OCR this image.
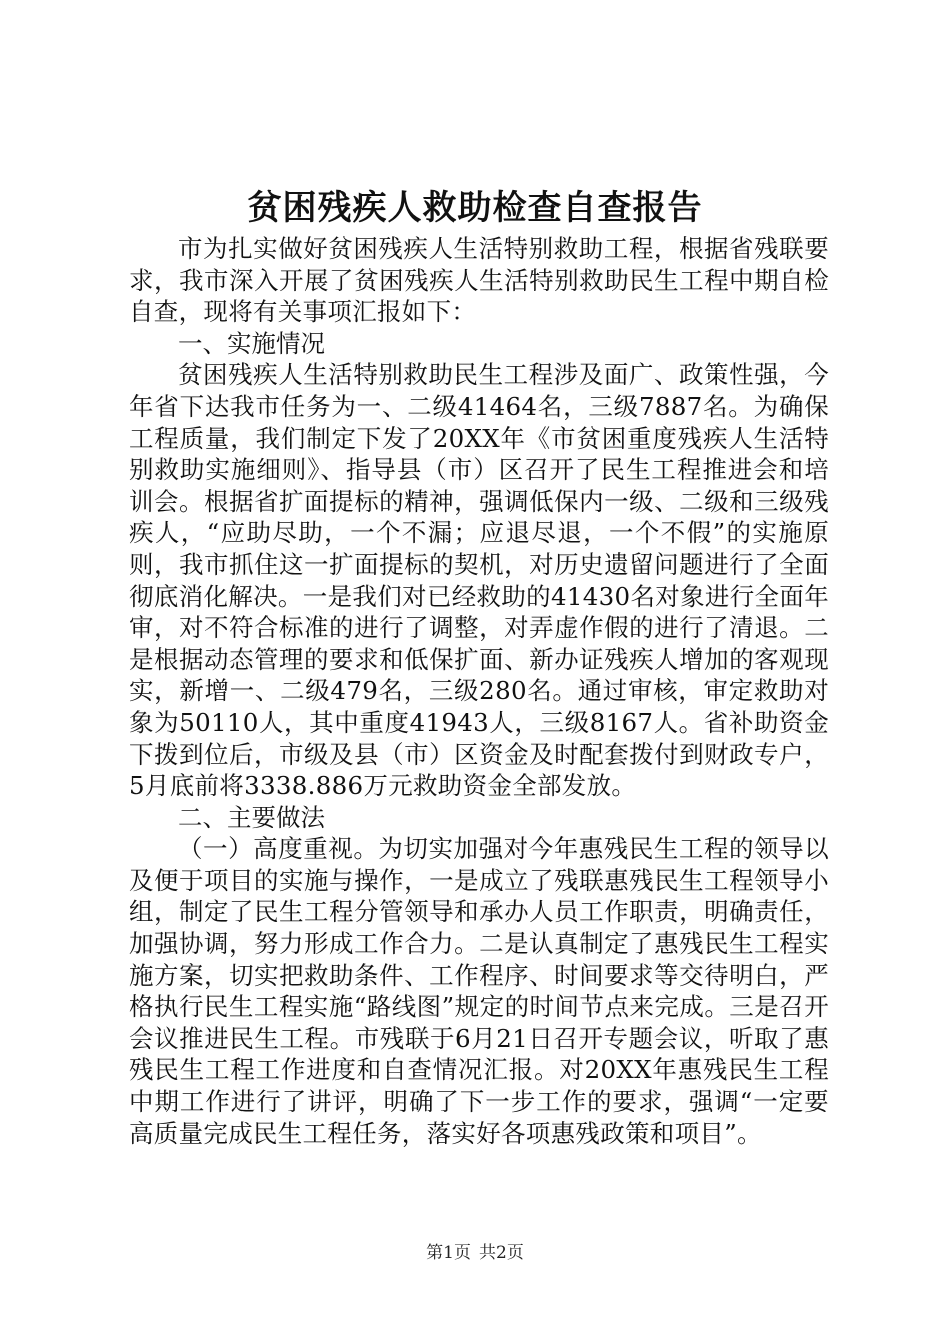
贫困残疾人救助检查自查报告

市为扎实做好贫困残疾人生活特别救助工程，根据省残联要求，我市深入开展了贫困残疾人生活特别救助民生工程中期自检自查，现将有关事项汇报如下：

一、实施情况

贫困残疾人生活特别救助民生工程涉及面广、政策性强，今年省下达我市任务为一、二级41464名，三级7887名。为确保工程质量，我们制定下发了20XX年《市贫困重度残疾人生活特别救助实施细则》、指导县（市）区召开了民生工程推进会和培训会。根据省扩面提标的精神，强调低保内一级、二级和三级残疾人，“应助尽助，一个不漏；应退尽退，一个不假”的实施原则，我市抓住这一扩面提标的契机，对历史遗留问题进行了全面彻底消化解决。一是我们对已经救助的41430名对象进行全面年审，对不符合标准的进行了调整，对弄虚作假的进行了清退。二是根据动态管理的要求和低保扩面、新办证残疾人增加的客观现实，新增一、二级479名，三级280名。通过审核，审定救助对象为50110人，其中重度41943人，三级8167人。省补助资金下拨到位后，市级及县（市）区资金及时配套拨付到财政专户，5月底前将3338.886万元救助资金全部发放。

二、主要做法

（一）高度重视。为切实加强对今年惠残民生工程的领导以及便于项目的实施与操作，一是成立了残联惠残民生工程领导小组，制定了民生工程分管领导和承办人员工作职责，明确责任，加强协调，努力形成工作合力。二是认真制定了惠残民生工程实施方案，切实把救助条件、工作程序、时间要求等交待明白，严格执行民生工程实施“路线图”规定的时间节点来完成。三是召开会议推进民生工程。市残联于6月21日召开专题会议，听取了惠残民生工程工作进度和自查情况汇报。对20XX年惠残民生工程中期工作进行了讲评，明确了下一步工作的要求，强调“一定要高质量完成民生工程任务，落实好各项惠残政策和项目”。

第1页 共2页
